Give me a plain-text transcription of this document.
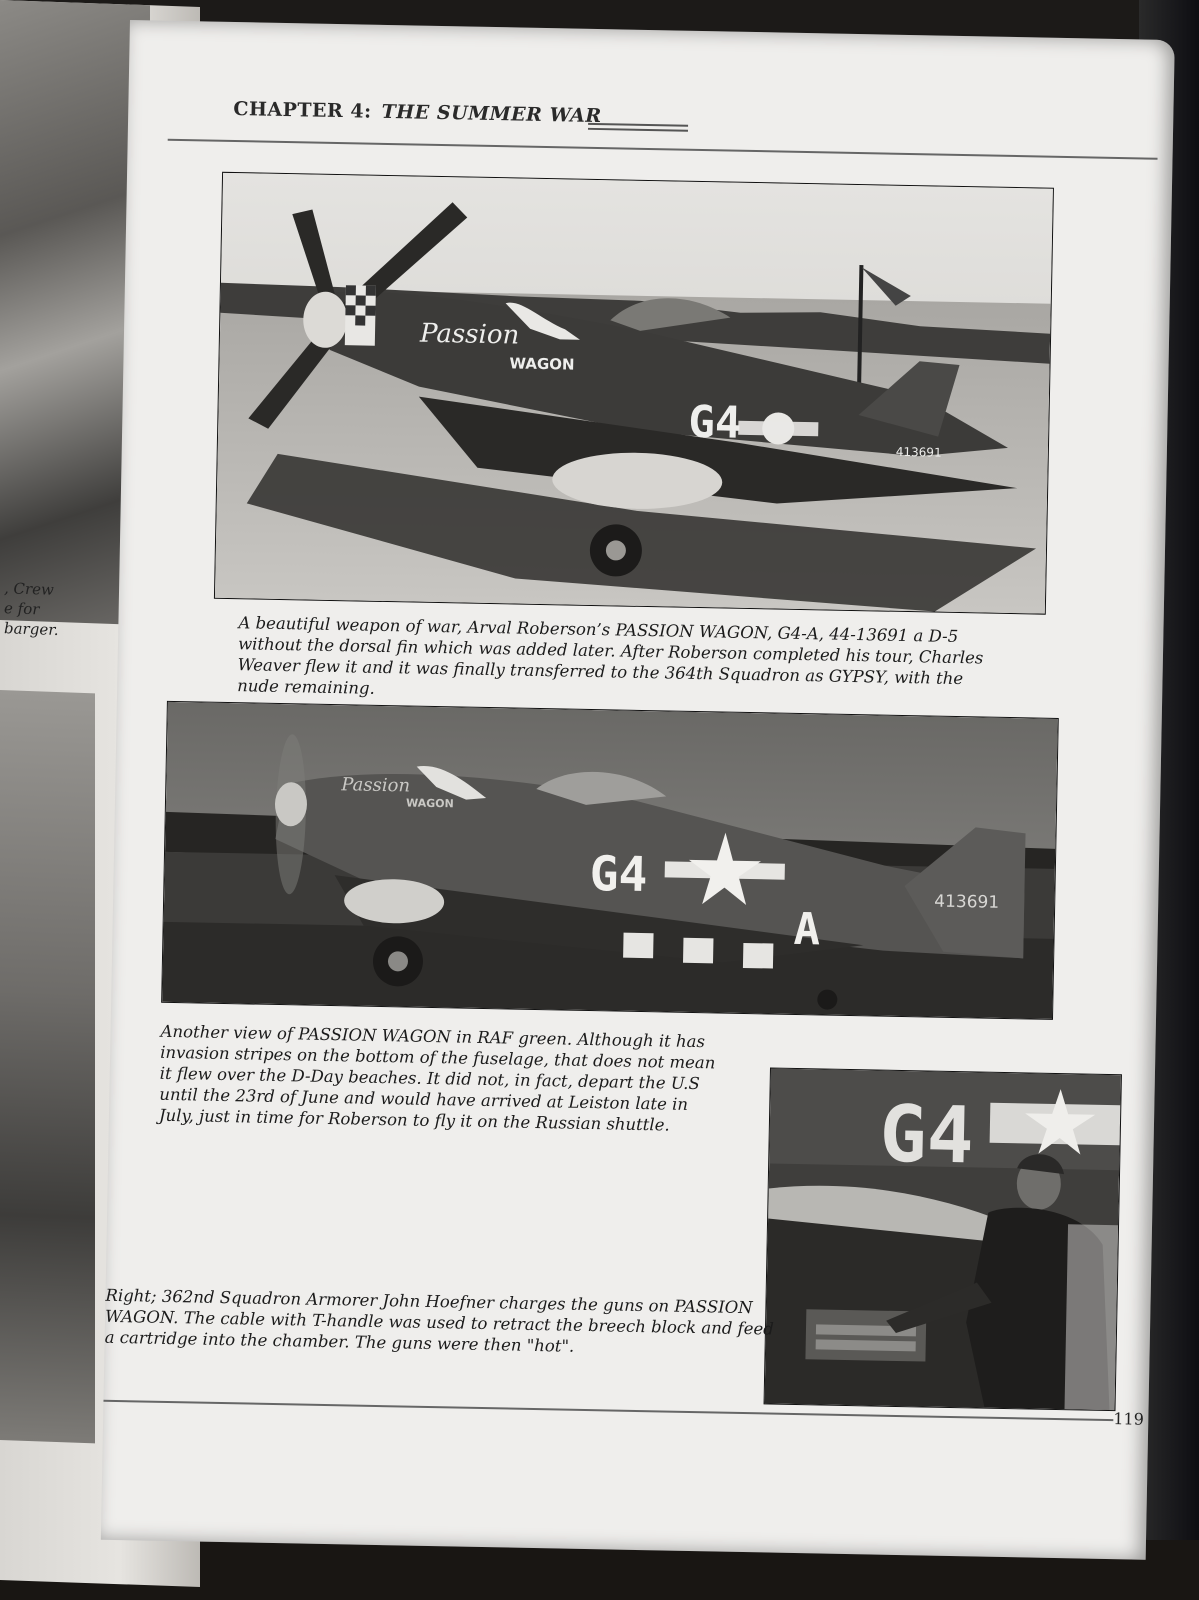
, Crew
e for
barger.
CHAPTER 4: THE SUMMER WAR
Passion
WAGON
G4
413691
A beautiful weapon of war, Arval Roberson’s PASSION WAGON, G4-A, 44-13691 a D-5 without the dorsal fin which was added later. After Roberson completed his tour, Charles Weaver flew it and it was finally transferred to the 364th Squadron as GYPSY, with the nude remaining.
Passion
WAGON
G4
A
413691
Another view of PASSION WAGON in RAF green. Although it has invasion stripes on the bottom of the fuselage, that does not mean it flew over the D-Day beaches. It did not, in fact, depart the U.S until the 23rd of June and would have arrived at Leiston late in July, just in time for Roberson to fly it on the Russian shuttle.	G4
Right; 362nd Squadron Armorer John Hoefner charges the guns on PASSION WAGON. The cable with T-handle was used to retract the breech block and feed a cartridge into the chamber. The guns were then "hot".
119
